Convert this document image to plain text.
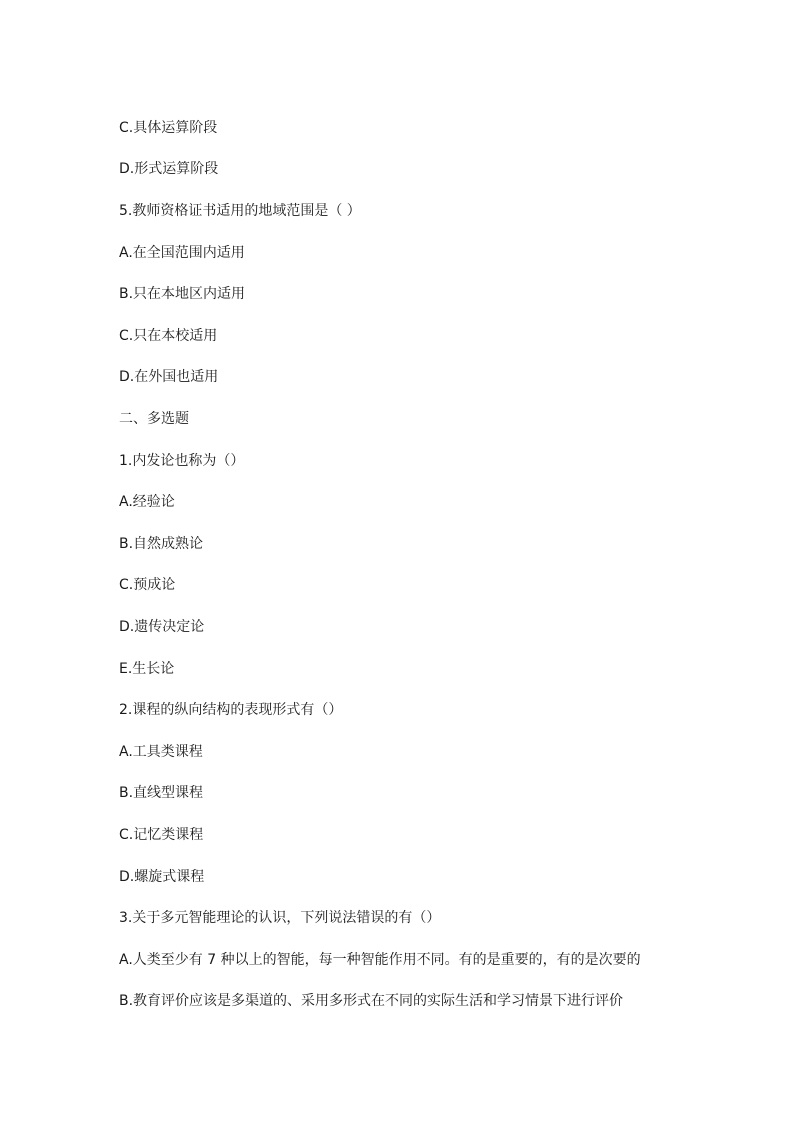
C.具体运算阶段
D.形式运算阶段
5.教师资格证书适用的地域范围是（ ）
A.在全国范围内适用
B.只在本地区内适用
C.只在本校适用
D.在外国也适用
二、多选题
1.内发论也称为（）
A.经验论
B.自然成熟论
C.预成论
D.遗传决定论
E.生长论
2.课程的纵向结构的表现形式有（）
A.工具类课程
B.直线型课程
C.记忆类课程
D.螺旋式课程
3.关于多元智能理论的认识，下列说法错误的有（）
A.人类至少有 7 种以上的智能，每一种智能作用不同。有的是重要的，有的是次要的
B.教育评价应该是多渠道的、采用多形式在不同的实际生活和学习情景下进行评价
